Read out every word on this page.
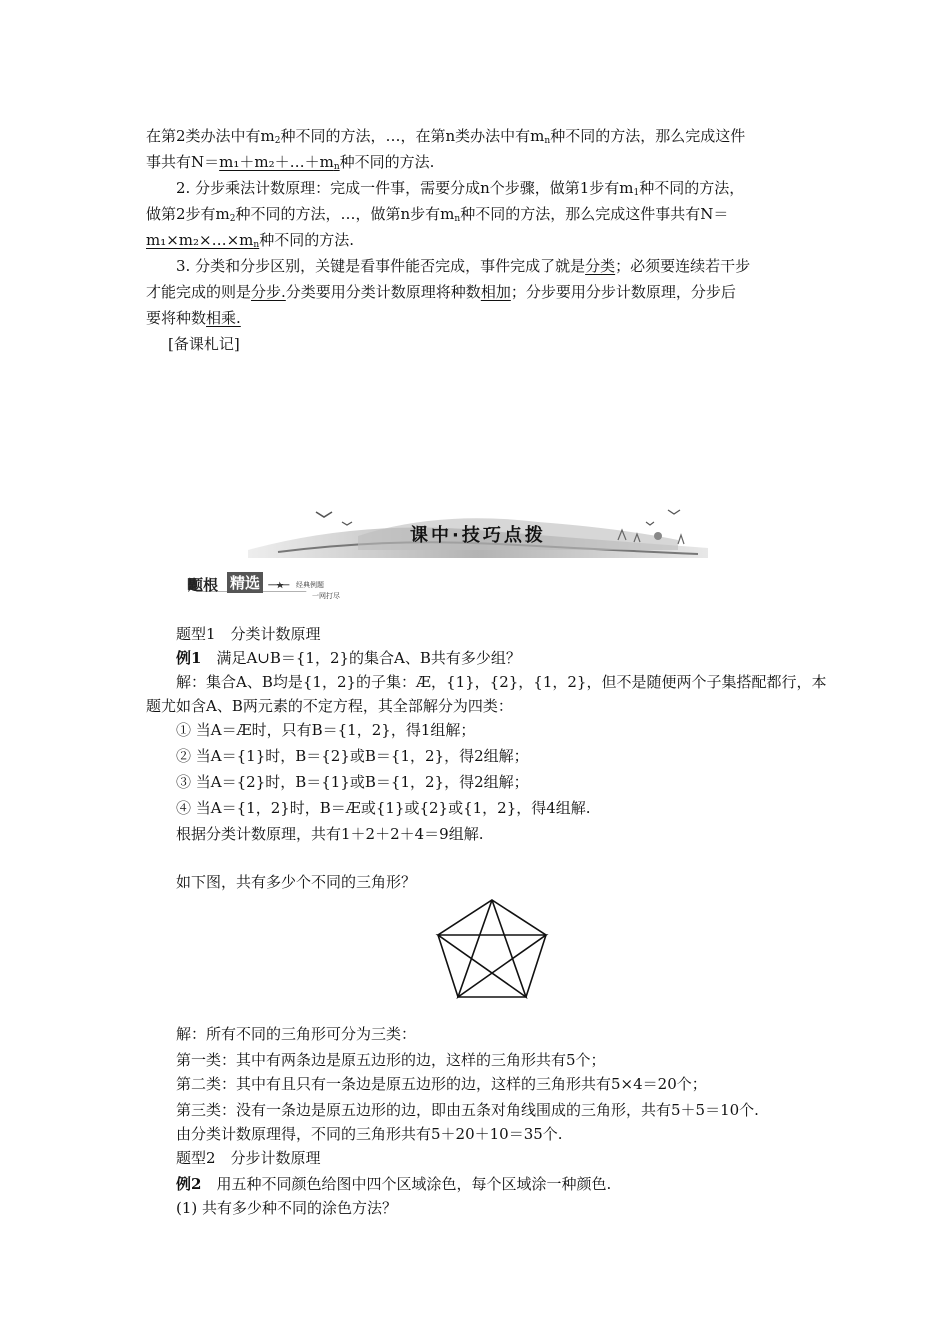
在第2类办法中有$m_2$种不同的方法，…，在第n类办法中有$m_n$种不同的方法，那么完成这件
事共有$N=m_1+m_2+\dots+m_n$种不同的方法.
2. 分步乘法计数原理：完成一件事，需要分成n个步骤，做第1步有$m_1$种不同的方法，
做第2步有$m_2$种不同的方法，…，做第n步有$m_n$种不同的方法，那么完成这件事共有N＝
$m_1\times m_2\times\dots\times m_n$种不同的方法.
3. 分类和分步区别，关键是看事件能否完成，事件完成了就是分类；必须要连续若干步
才能完成的则是分步.分类要用分类计数原理将种数相加；分步要用分步计数原理，分步后
要将种数相乘.
[备课札记]
课中·技巧点拨
题根 精选	经典例题
一网打尽
题型1　分类计数原理
例1　满足A∪B＝{1，2}的集合A、B共有多少组？
解：集合A、B均是{1，2}的子集：Æ，{1}，{2}，{1，2}，但不是随便两个子集搭配都行，本
题尤如含A、B两元素的不定方程，其全部解分为四类：
① 当A＝Æ时，只有B＝{1，2}，得1组解；
② 当A＝{1}时，B＝{2}或B＝{1，2}，得2组解；
③ 当A＝{2}时，B＝{1}或B＝{1，2}，得2组解；
④ 当A＝{1，2}时，B＝Æ或{1}或{2}或{1，2}，得4组解.
根据分类计数原理，共有1＋2＋2＋4＝9组解.
如下图，共有多少个不同的三角形？
解：所有不同的三角形可分为三类：
第一类：其中有两条边是原五边形的边，这样的三角形共有5个；
第二类：其中有且只有一条边是原五边形的边，这样的三角形共有5×4＝20个；
第三类：没有一条边是原五边形的边，即由五条对角线围成的三角形，共有5＋5＝10个.
由分类计数原理得，不同的三角形共有5＋20＋10＝35个.
题型2　分步计数原理
例2　用五种不同颜色给图中四个区域涂色，每个区域涂一种颜色.
(1) 共有多少种不同的涂色方法？
